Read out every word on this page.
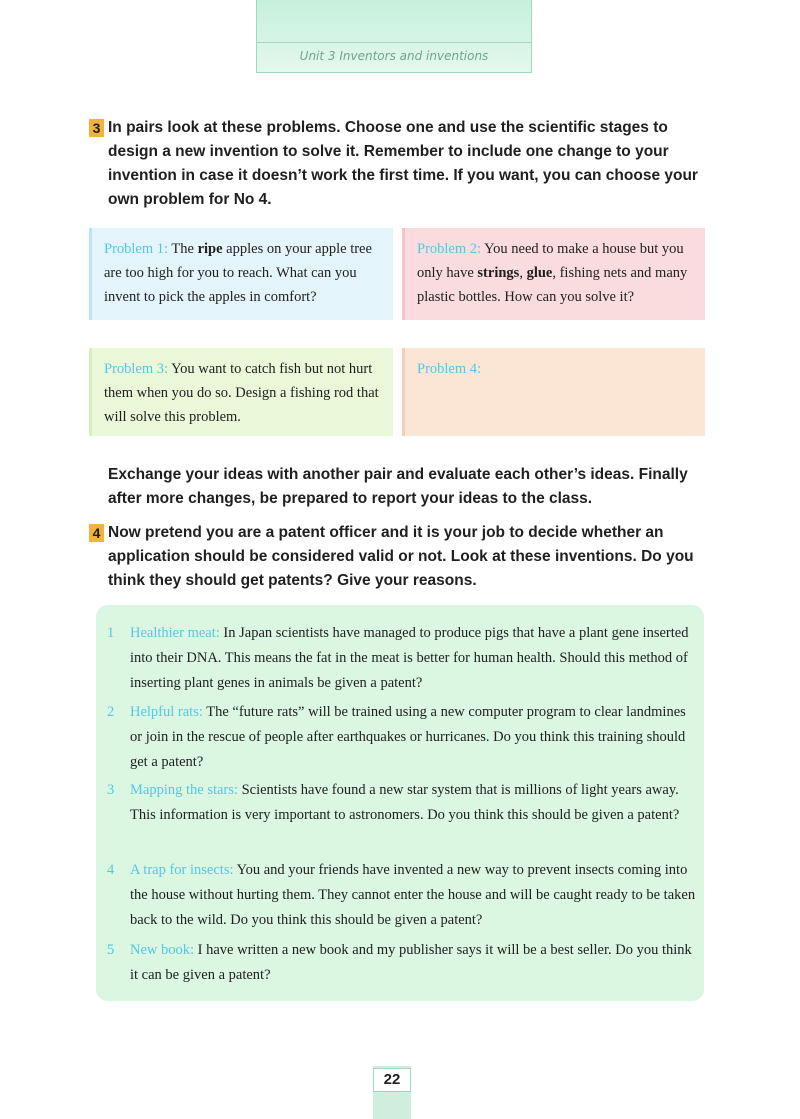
Unit 3 Inventors and inventions
3 In pairs look at these problems. Choose one and use the scientific stages to design a new invention to solve it. Remember to include one change to your invention in case it doesn’t work the first time. If you want, you can choose your own problem for No 4.
Problem 1: The ripe apples on your apple tree are too high for you to reach. What can you invent to pick the apples in comfort?
Problem 2: You need to make a house but you only have strings, glue, fishing nets and many plastic bottles. How can you solve it?
Problem 3: You want to catch fish but not hurt them when you do so. Design a fishing rod that will solve this problem.
Problem 4:
Exchange your ideas with another pair and evaluate each other’s ideas. Finally after more changes, be prepared to report your ideas to the class.
4 Now pretend you are a patent officer and it is your job to decide whether an application should be considered valid or not. Look at these inventions. Do you think they should get patents? Give your reasons.
1	Healthier meat: In Japan scientists have managed to produce pigs that have a plant gene inserted into their DNA. This means the fat in the meat is better for human health. Should this method of inserting plant genes in animals be given a patent?
2	Helpful rats: The “future rats” will be trained using a new computer program to clear landmines or join in the rescue of people after earthquakes or hurricanes. Do you think this training should get a patent?
3	Mapping the stars: Scientists have found a new star system that is millions of light years away. This information is very important to astronomers. Do you think this should be given a patent?
4	A trap for insects: You and your friends have invented a new way to prevent insects coming into the house without hurting them. They cannot enter the house and will be caught ready to be taken back to the wild. Do you think this should be given a patent?
5	New book: I have written a new book and my publisher says it will be a best seller. Do you think it can be given a patent?
22
